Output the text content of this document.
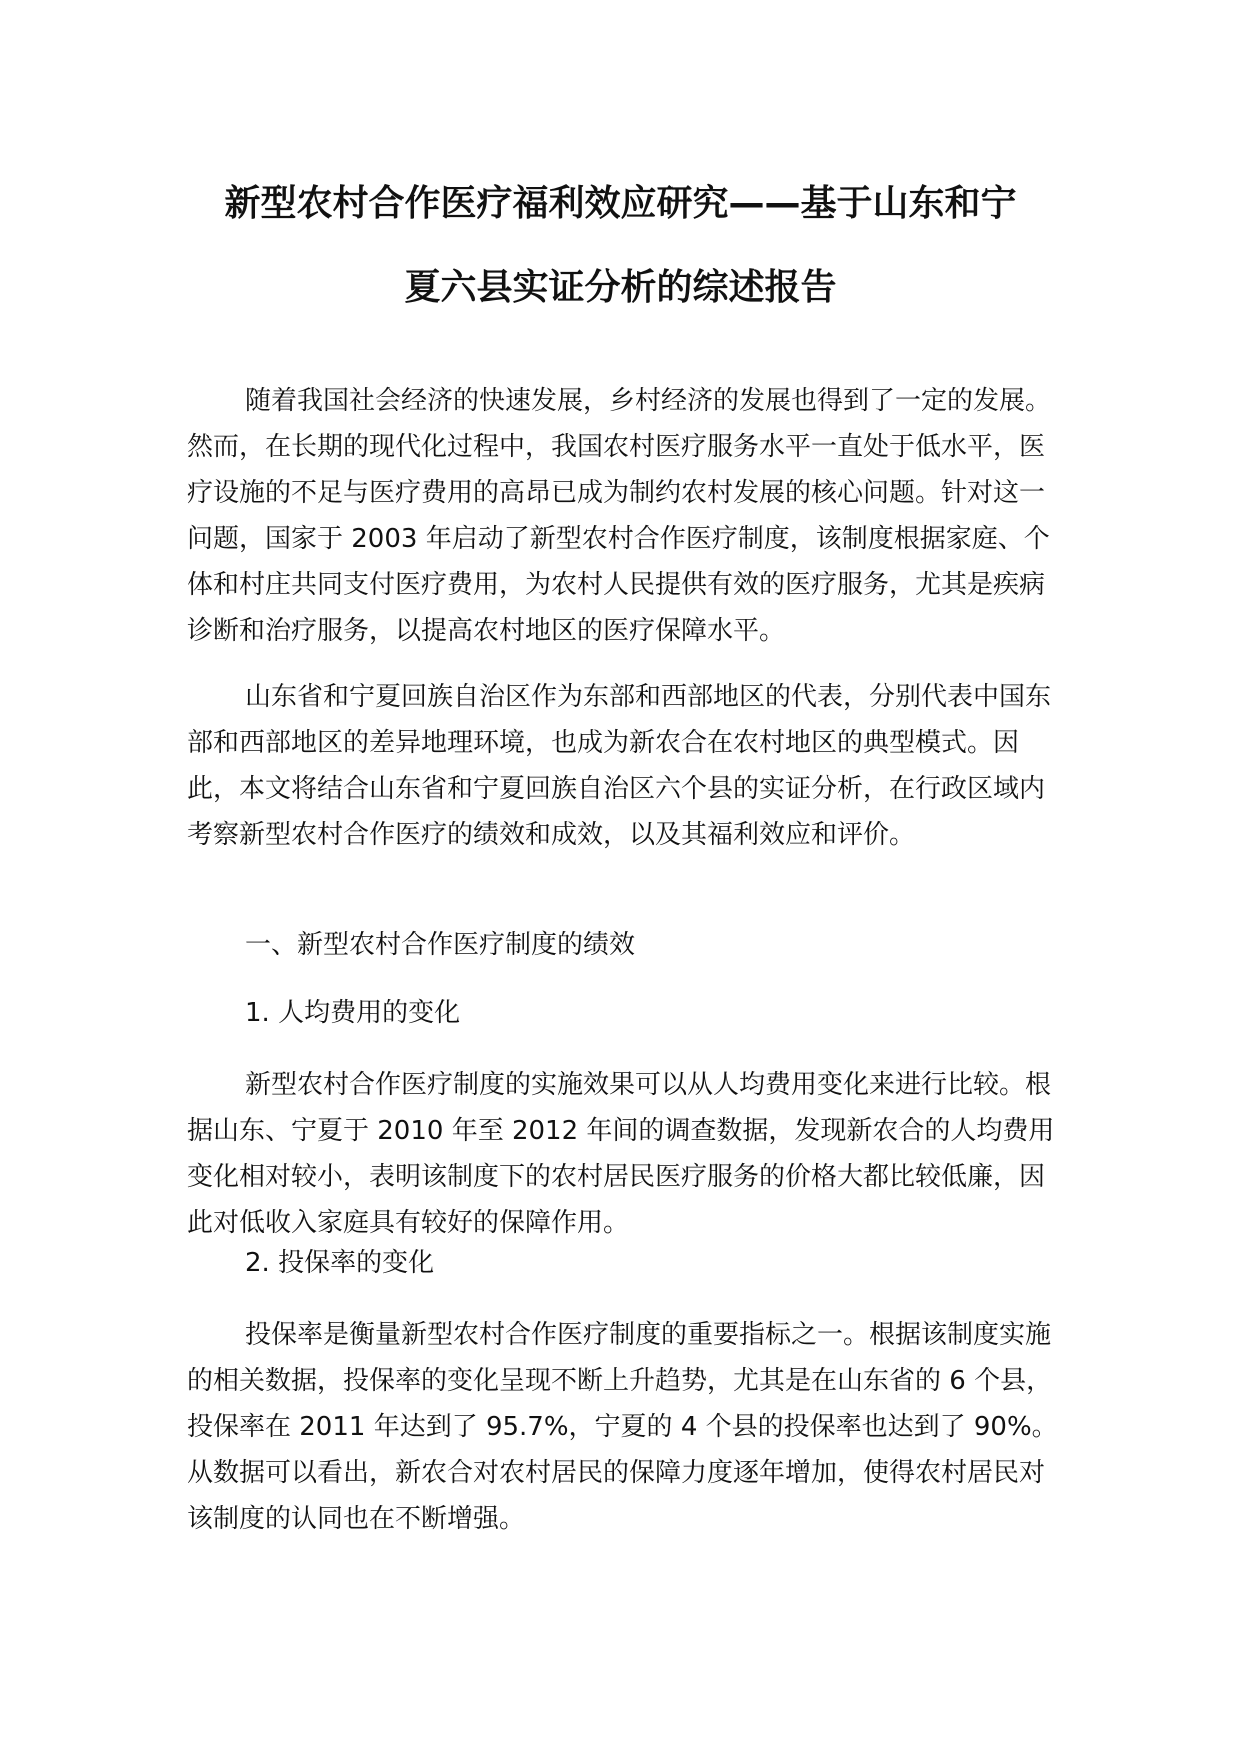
新型农村合作医疗福利效应研究——基于山东和宁
夏六县实证分析的综述报告

随着我国社会经济的快速发展，乡村经济的发展也得到了一定的发展。然而，在长期的现代化过程中，我国农村医疗服务水平一直处于低水平，医疗设施的不足与医疗费用的高昂已成为制约农村发展的核心问题。针对这一问题，国家于 2003 年启动了新型农村合作医疗制度，该制度根据家庭、个体和村庄共同支付医疗费用，为农村人民提供有效的医疗服务，尤其是疾病诊断和治疗服务，以提高农村地区的医疗保障水平。

山东省和宁夏回族自治区作为东部和西部地区的代表，分别代表中国东部和西部地区的差异地理环境，也成为新农合在农村地区的典型模式。因此，本文将结合山东省和宁夏回族自治区六个县的实证分析，在行政区域内考察新型农村合作医疗的绩效和成效，以及其福利效应和评价。

一、新型农村合作医疗制度的绩效
1. 人均费用的变化

新型农村合作医疗制度的实施效果可以从人均费用变化来进行比较。根据山东、宁夏于 2010 年至 2012 年间的调查数据，发现新农合的人均费用变化相对较小，表明该制度下的农村居民医疗服务的价格大都比较低廉，因此对低收入家庭具有较好的保障作用。

2. 投保率的变化

投保率是衡量新型农村合作医疗制度的重要指标之一。根据该制度实施的相关数据，投保率的变化呈现不断上升趋势，尤其是在山东省的 6 个县，投保率在 2011 年达到了 95.7%，宁夏的 4 个县的投保率也达到了 90%。从数据可以看出，新农合对农村居民的保障力度逐年增加，使得农村居民对该制度的认同也在不断增强。
